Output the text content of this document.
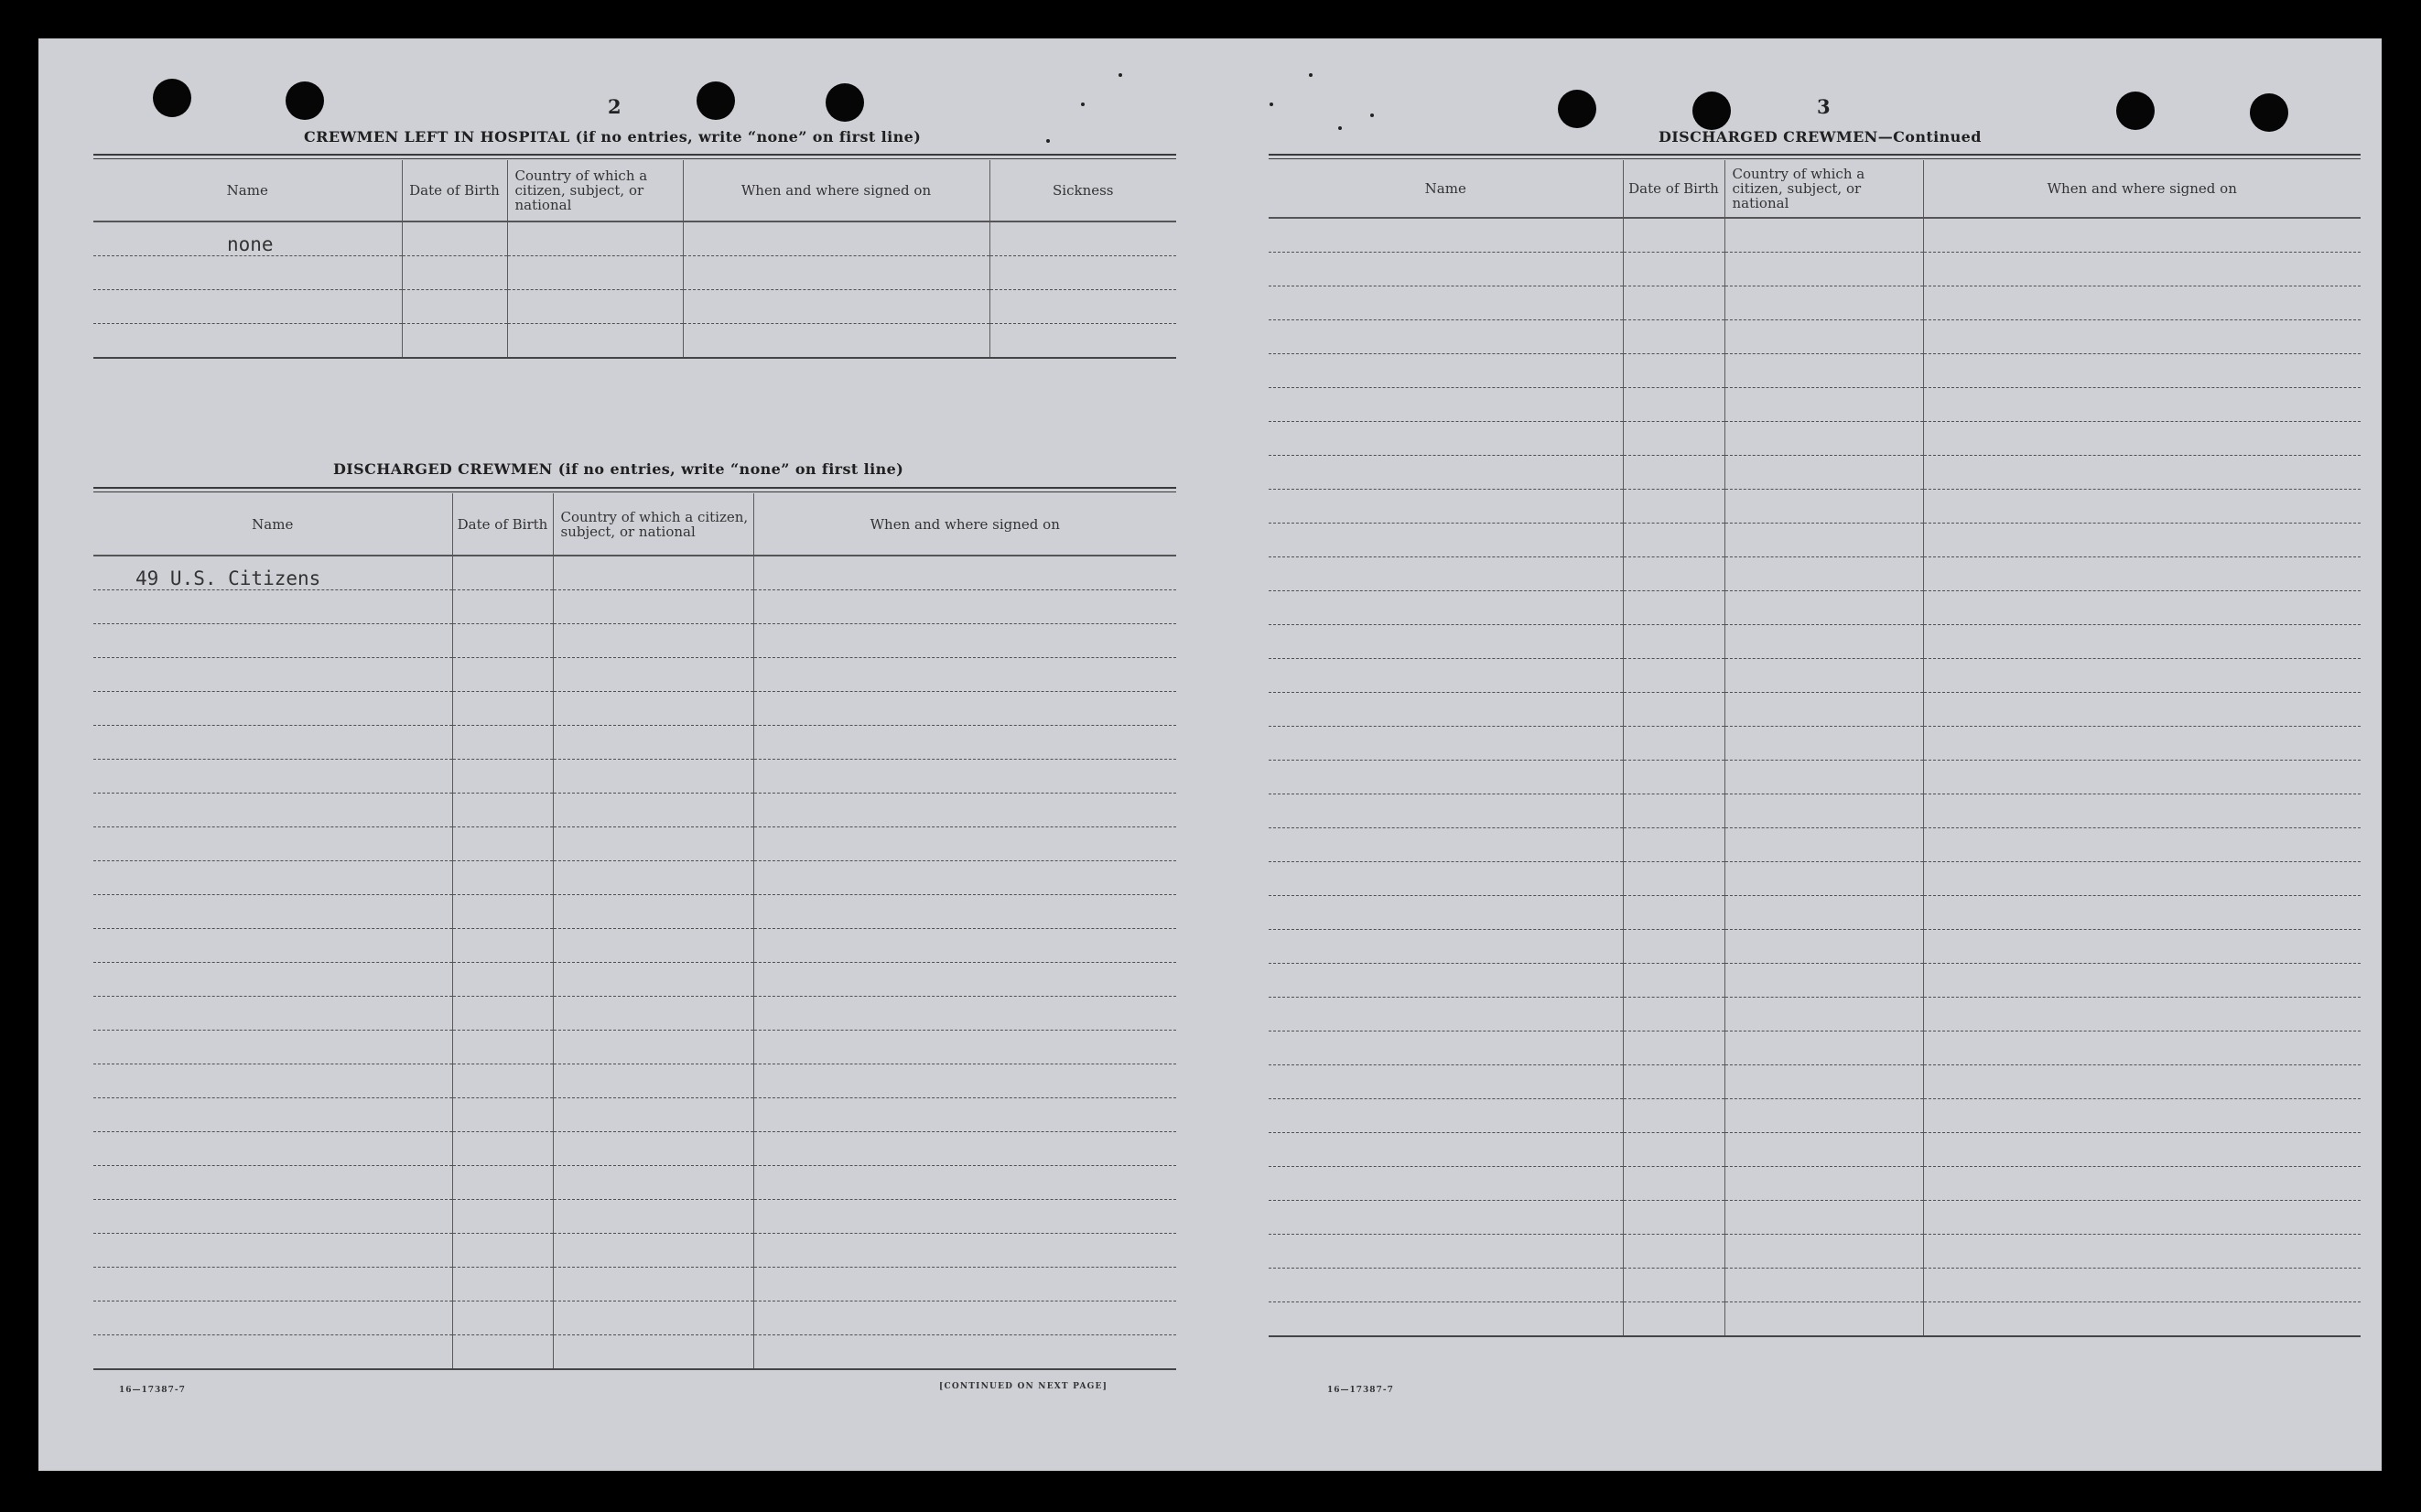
2
CREWMEN LEFT IN HOSPITAL (if no entries, write “none” on first line)
Name	Date of Birth	Country of which a citizen, subject, or national	When and where signed on	Sickness
none				

DISCHARGED CREWMEN (if no entries, write “none” on first line)
Name	Date of Birth	Country of which a citizen, subject, or national	When and where signed on
49 U.S. Citizens			

16—17387-7	[CONTINUED ON NEXT PAGE]
3
DISCHARGED CREWMEN—Continued
Name	Date of Birth	Country of which a citizen, subject, or national	When and where signed on

16—17387-7
